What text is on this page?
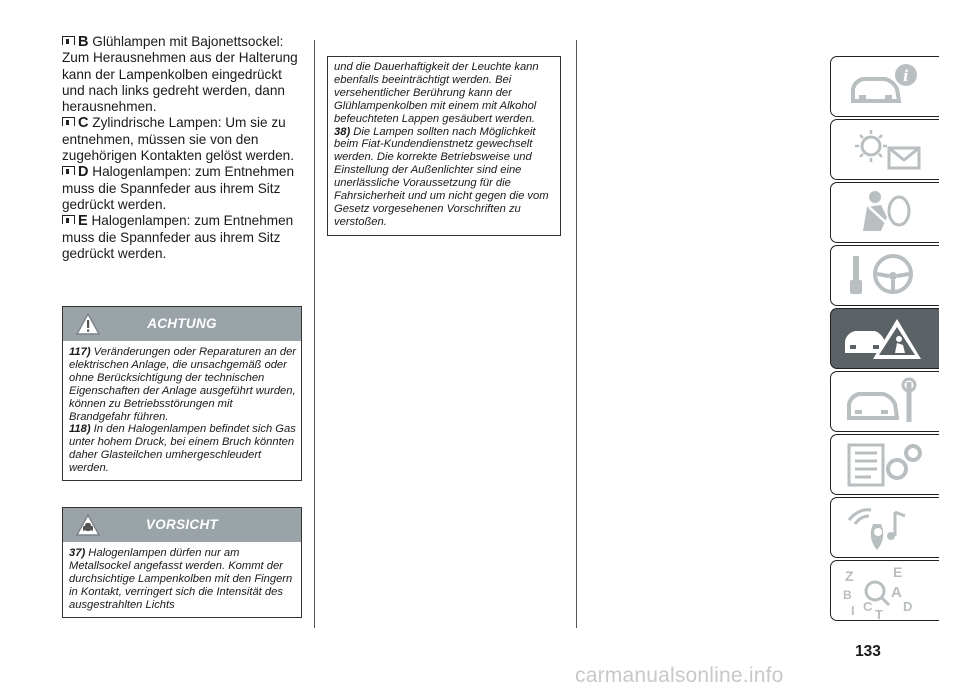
B Glühlampen mit Bajonettsockel: Zum Herausnehmen aus der Halterung kann der Lampenkolben eingedrückt und nach links gedreht werden, dann herausnehmen.

C Zylindrische Lampen: Um sie zu entnehmen, müssen sie von den zugehörigen Kontakten gelöst werden.

D Halogenlampen: zum Entnehmen muss die Spannfeder aus ihrem Sitz gedrückt werden.

E Halogenlampen: zum Entnehmen muss die Spannfeder aus ihrem Sitz gedrückt werden.

ACHTUNG

117) Veränderungen oder Reparaturen an der elektrischen Anlage, die unsachgemäß oder ohne Berücksichtigung der technischen Eigenschaften der Anlage ausgeführt wurden, können zu Betriebsstörungen mit Brandgefahr führen.

118) In den Halogenlampen befindet sich Gas unter hohem Druck, bei einem Bruch könnten daher Glasteilchen umhergeschleudert werden.

VORSICHT

37) Halogenlampen dürfen nur am Metallsockel angefasst werden. Kommt der durchsichtige Lampenkolben mit den Fingern in Kontakt, verringert sich die Intensität des ausgestrahlten Lichts

und die Dauerhaftigkeit der Leuchte kann ebenfalls beeinträchtigt werden. Bei versehentlicher Berührung kann der Glühlampenkolben mit einem mit Alkohol befeuchteten Lappen gesäubert werden.

38) Die Lampen sollten nach Möglichkeit beim Fiat-Kundendienstnetz gewechselt werden. Die korrekte Betriebsweise und Einstellung der Außenlichter sind eine unerlässliche Voraussetzung für die Fahrsicherheit und um nicht gegen die vom Gesetz vorgesehenen Vorschriften zu verstoßen.

i
Z	E
B	A
I C
T
D
133
carmanualsonline.info
